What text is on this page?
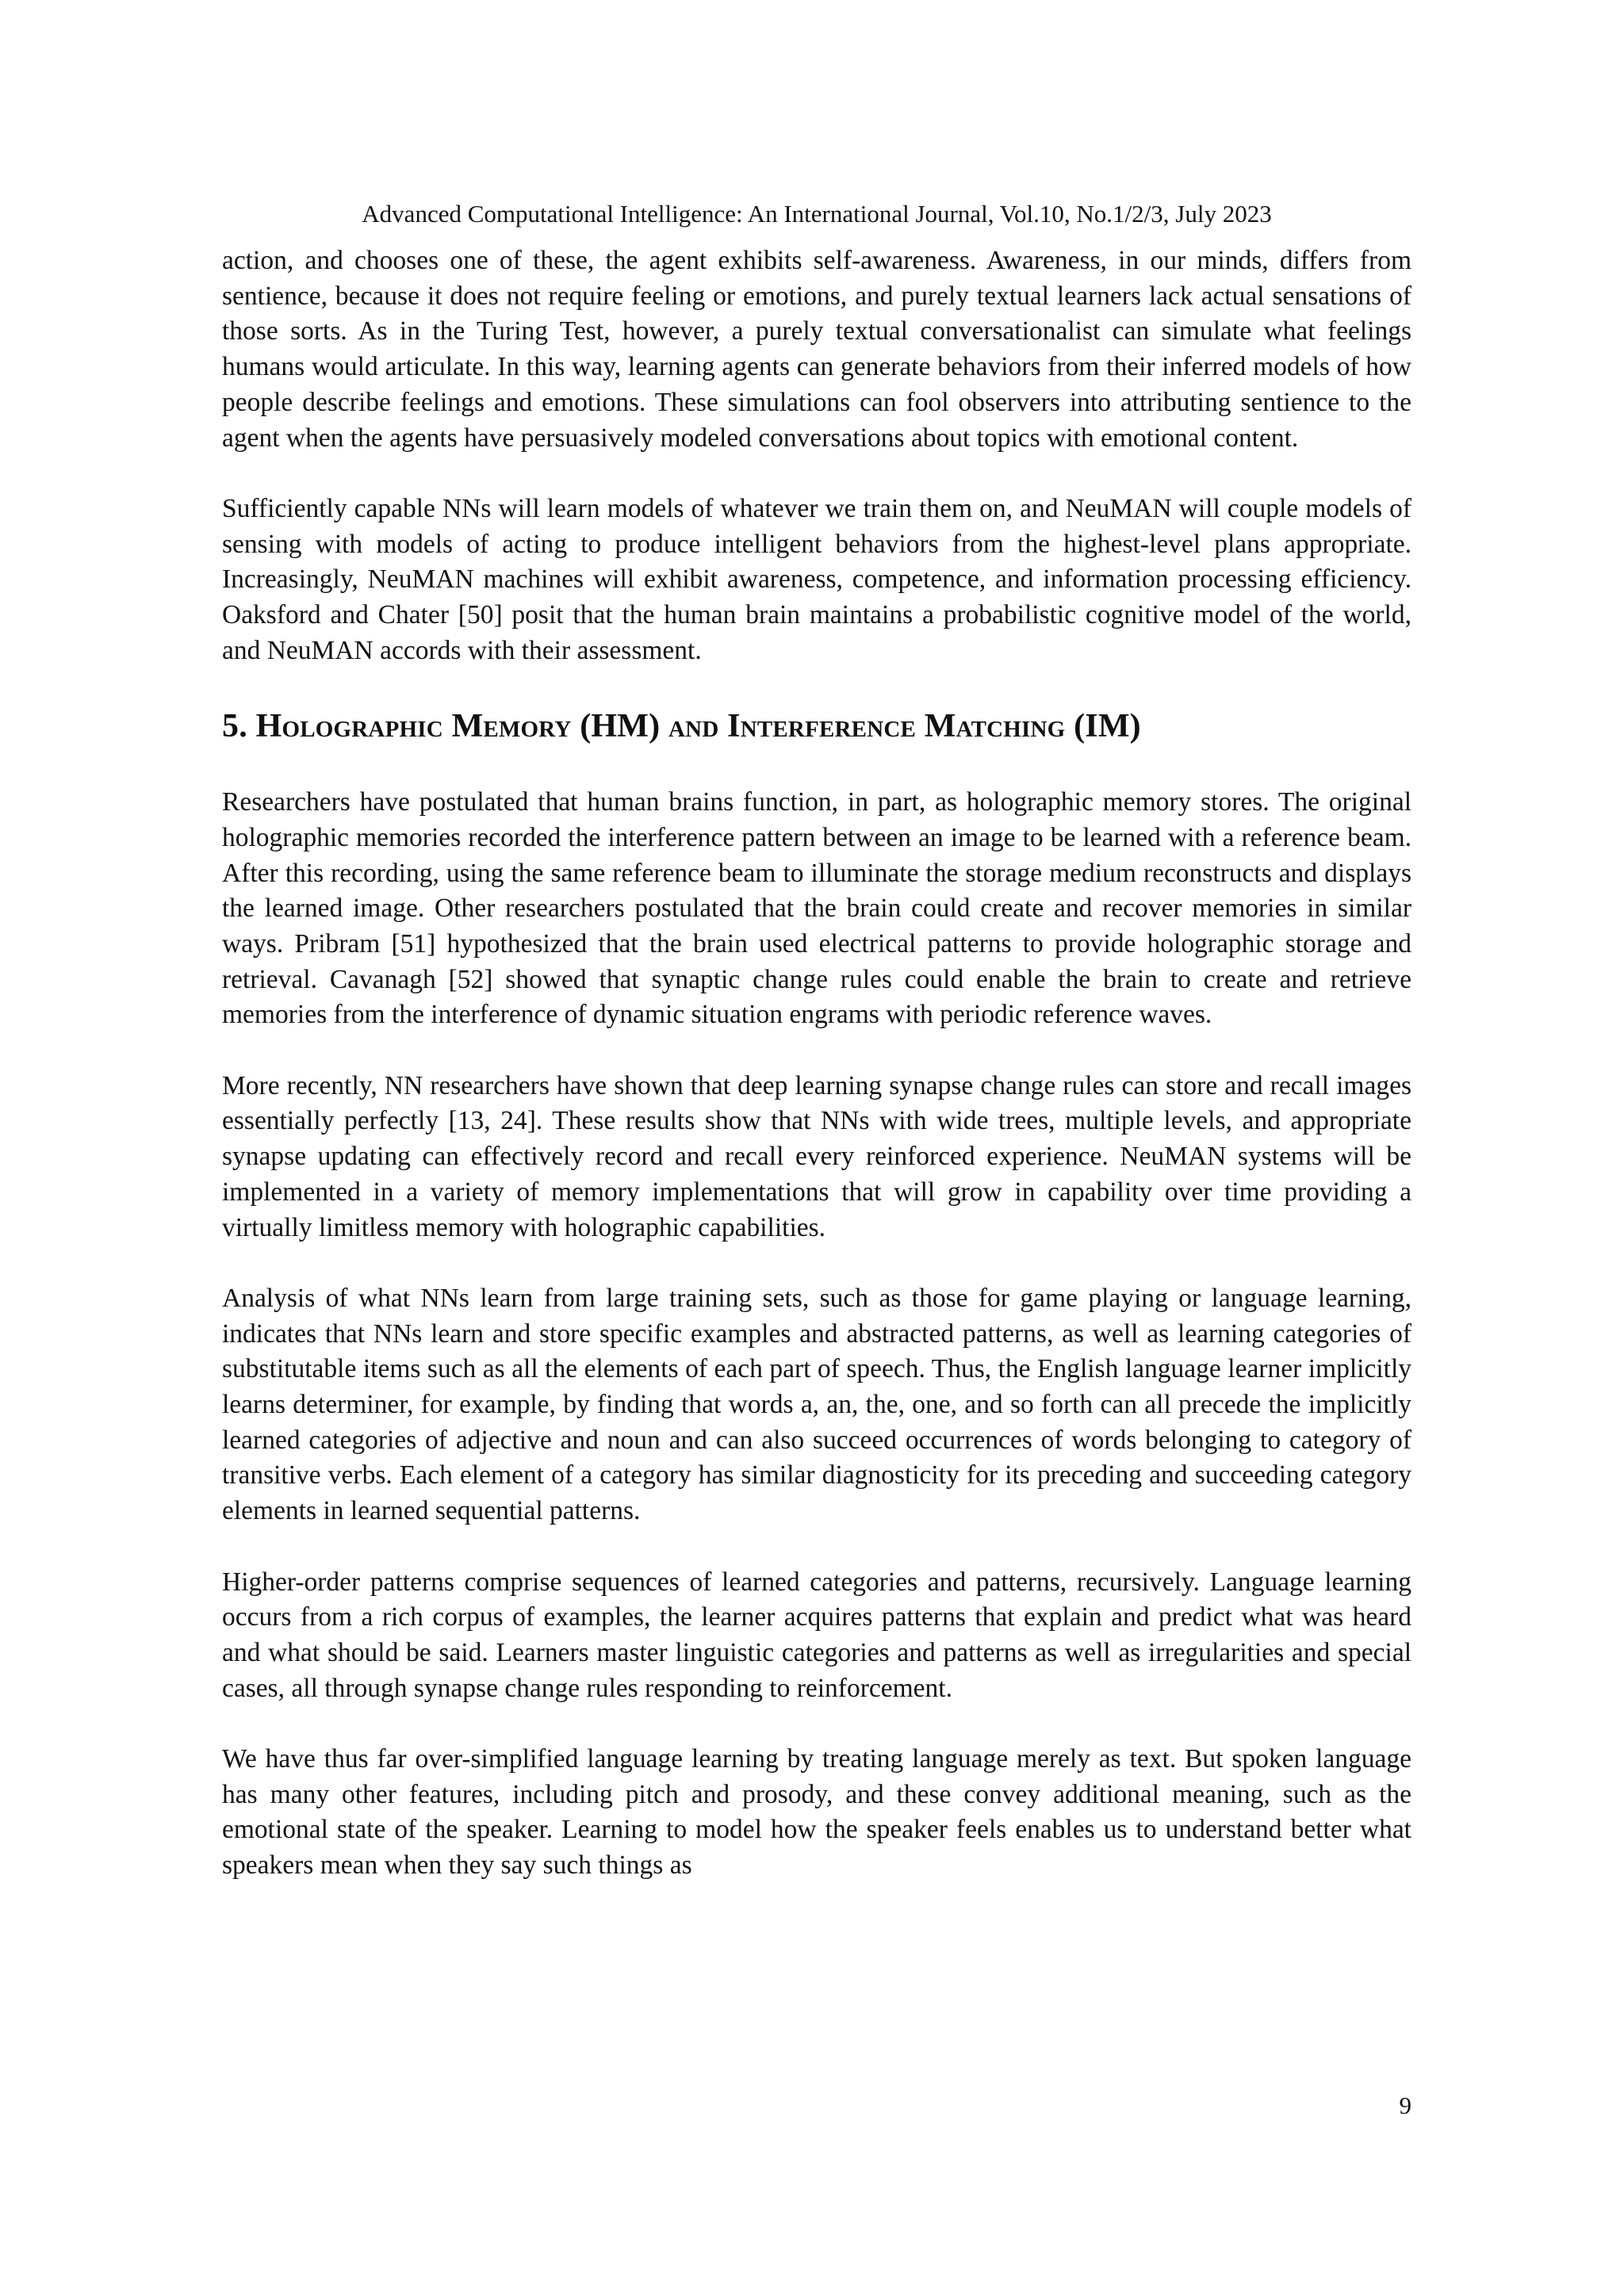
Advanced Computational Intelligence: An International Journal, Vol.10, No.1/2/3, July 2023

action, and chooses one of these, the agent exhibits self-awareness. Awareness, in our minds, differs from sentience, because it does not require feeling or emotions, and purely textual learners lack actual sensations of those sorts. As in the Turing Test, however, a purely textual conversationalist can simulate what feelings humans would articulate. In this way, learning agents can generate behaviors from their inferred models of how people describe feelings and emotions. These simulations can fool observers into attributing sentience to the agent when the agents have persuasively modeled conversations about topics with emotional content.

Sufficiently capable NNs will learn models of whatever we train them on, and NeuMAN will couple models of sensing with models of acting to produce intelligent behaviors from the highest-level plans appropriate. Increasingly, NeuMAN machines will exhibit awareness, competence, and information processing efficiency. Oaksford and Chater [50] posit that the human brain maintains a probabilistic cognitive model of the world, and NeuMAN accords with their assessment.

5. Holographic Memory (HM) and Interference Matching (IM)

Researchers have postulated that human brains function, in part, as holographic memory stores. The original holographic memories recorded the interference pattern between an image to be learned with a reference beam. After this recording, using the same reference beam to illuminate the storage medium reconstructs and displays the learned image. Other researchers postulated that the brain could create and recover memories in similar ways. Pribram [51] hypothesized that the brain used electrical patterns to provide holographic storage and retrieval. Cavanagh [52] showed that synaptic change rules could enable the brain to create and retrieve memories from the interference of dynamic situation engrams with periodic reference waves.

More recently, NN researchers have shown that deep learning synapse change rules can store and recall images essentially perfectly [13, 24]. These results show that NNs with wide trees, multiple levels, and appropriate synapse updating can effectively record and recall every reinforced experience. NeuMAN systems will be implemented in a variety of memory implementations that will grow in capability over time providing a virtually limitless memory with holographic capabilities.

Analysis of what NNs learn from large training sets, such as those for game playing or language learning, indicates that NNs learn and store specific examples and abstracted patterns, as well as learning categories of substitutable items such as all the elements of each part of speech. Thus, the English language learner implicitly learns determiner, for example, by finding that words a, an, the, one, and so forth can all precede the implicitly learned categories of adjective and noun and can also succeed occurrences of words belonging to category of transitive verbs. Each element of a category has similar diagnosticity for its preceding and succeeding category elements in learned sequential patterns.

Higher-order patterns comprise sequences of learned categories and patterns, recursively. Language learning occurs from a rich corpus of examples, the learner acquires patterns that explain and predict what was heard and what should be said. Learners master linguistic categories and patterns as well as irregularities and special cases, all through synapse change rules responding to reinforcement.

We have thus far over-simplified language learning by treating language merely as text. But spoken language has many other features, including pitch and prosody, and these convey additional meaning, such as the emotional state of the speaker. Learning to model how the speaker feels enables us to understand better what speakers mean when they say such things as

9
